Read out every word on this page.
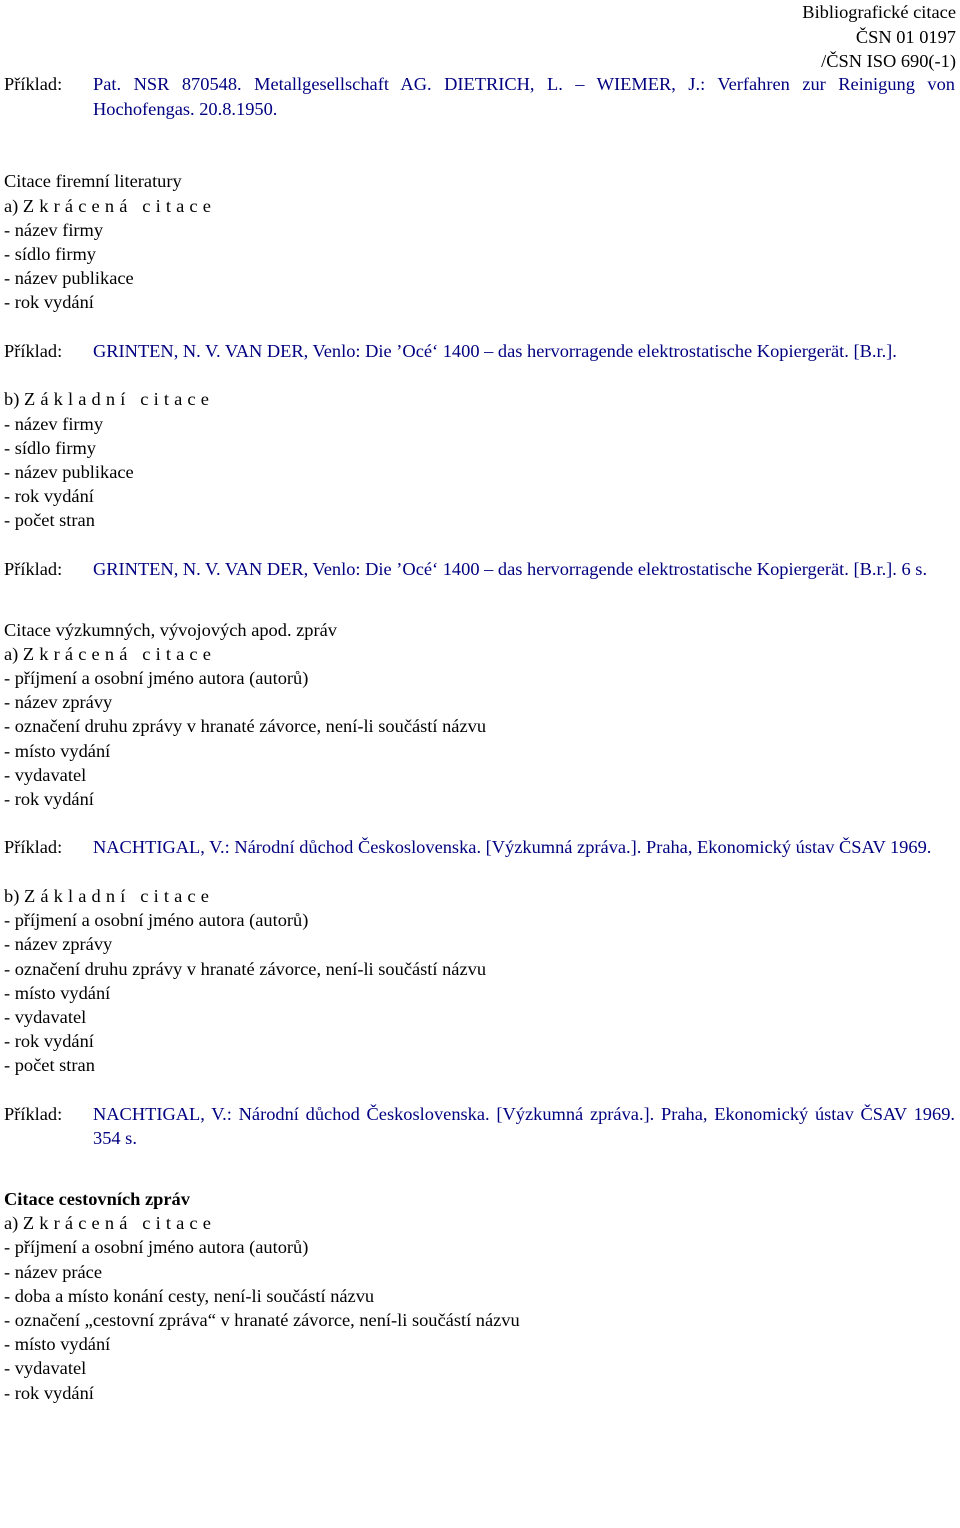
Bibliografické citace
ČSN 01 0197
/ČSN ISO 690(-1)
Příklad:	Pat. NSR 870548. Metallgesellschaft AG. DIETRICH, L. – WIEMER, J.: Verfahren zur Reinigung von Hochofengas. 20.8.1950.
Citace firemní literatury
a) Zkrácená citace
- název firmy
- sídlo firmy
- název publikace
- rok vydání
Příklad:	GRINTEN, N. V. VAN DER, Venlo: Die ’Océ‘ 1400 – das hervorragende elektrostatische Kopiergerät. [B.r.].
b) Základní citace
- název firmy
- sídlo firmy
- název publikace
- rok vydání
- počet stran
Příklad:	GRINTEN, N. V. VAN DER, Venlo: Die ’Océ‘ 1400 – das hervorragende elektrostatische Kopiergerät. [B.r.]. 6 s.
Citace výzkumných, vývojových apod. zpráv
a) Zkrácená citace
- příjmení a osobní jméno autora (autorů)
- název zprávy
- označení druhu zprávy v hranaté závorce, není-li součástí názvu
- místo vydání
- vydavatel
- rok vydání
Příklad:	NACHTIGAL, V.: Národní důchod Československa. [Výzkumná zpráva.]. Praha, Ekonomický ústav ČSAV 1969.
b) Základní citace
- příjmení a osobní jméno autora (autorů)
- název zprávy
- označení druhu zprávy v hranaté závorce, není-li součástí názvu
- místo vydání
- vydavatel
- rok vydání
- počet stran
Příklad:	NACHTIGAL, V.: Národní důchod Československa. [Výzkumná zpráva.]. Praha, Ekonomický ústav ČSAV 1969. 354 s.
Citace cestovních zpráv
a) Zkrácená citace
- příjmení a osobní jméno autora (autorů)
- název práce
- doba a místo konání cesty, není-li součástí názvu
- označení „cestovní zpráva“ v hranaté závorce, není-li součástí názvu
- místo vydání
- vydavatel
- rok vydání
